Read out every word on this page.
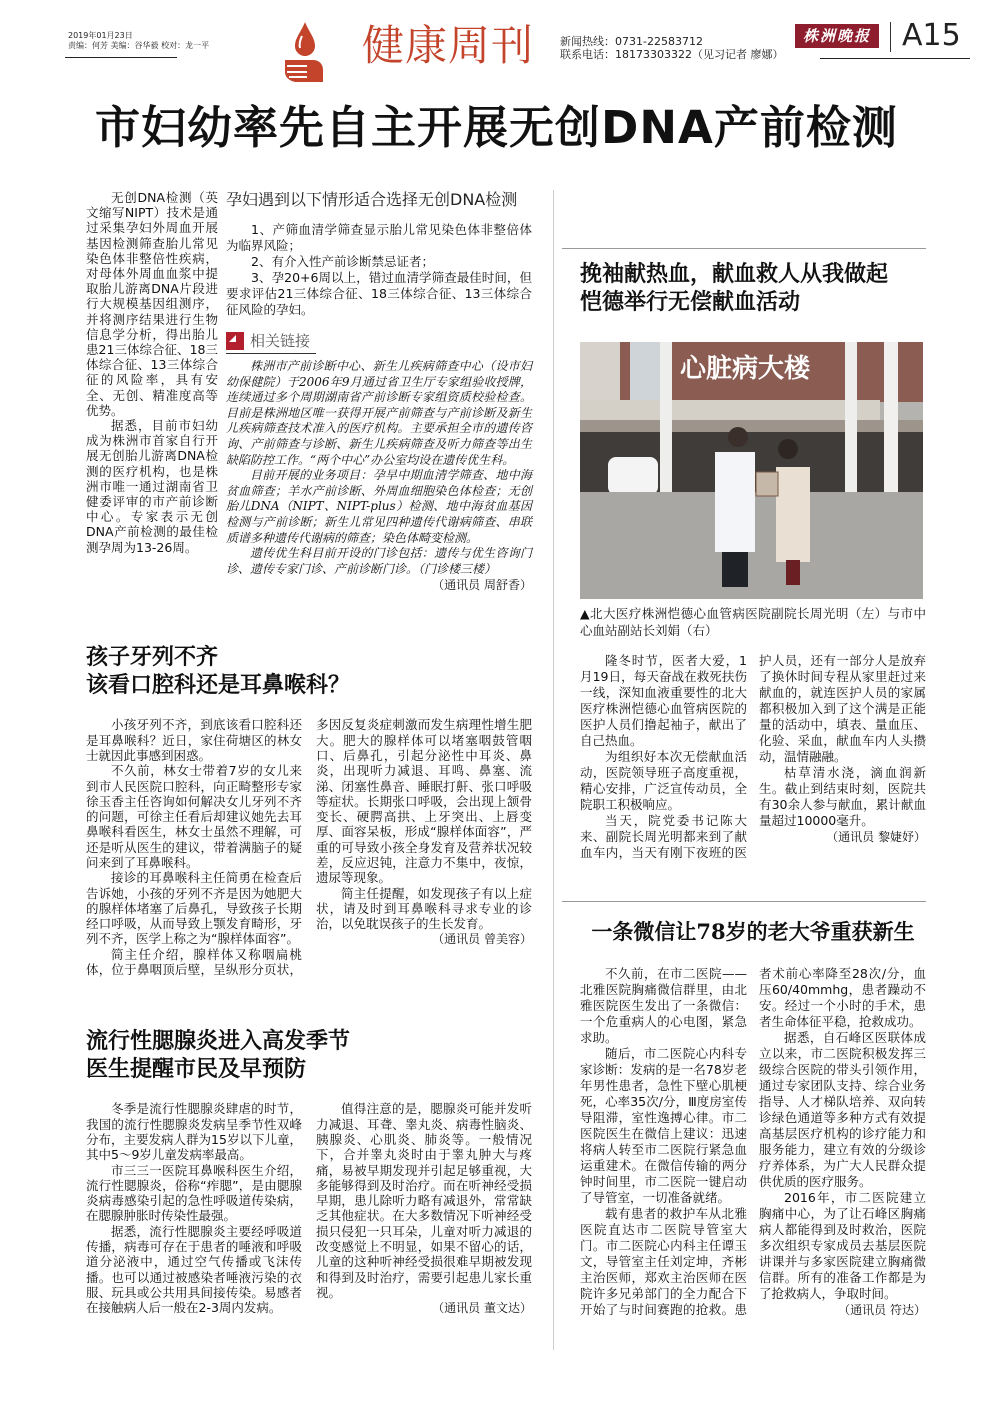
2019年01月23日
责编：何芳 美编：谷华毅 校对：龙一平	健康周刊 新闻热线：0731-22583712
联系电话：18173303322（见习记者 廖娜）
株洲晚报 A15
市妇幼率先自主开展无创DNA产前检测

无创DNA检测（英文缩写NIPT）技术是通过采集孕妇外周血开展基因检测筛查胎儿常见染色体非整倍性疾病，对母体外周血血浆中提取胎儿游离DNA片段进行大规模基因组测序，并将测序结果进行生物信息学分析，得出胎儿患21三体综合征、18三体综合征、13三体综合征的风险率，具有安全、无创、精准度高等优势。

据悉，目前市妇幼成为株洲市首家自行开展无创胎儿游离DNA检测的医疗机构，也是株洲市唯一通过湖南省卫健委评审的市产前诊断中心。专家表示无创DNA产前检测的最佳检测孕周为13-26周。

孕妇遇到以下情形适合选择无创DNA检测

1、产筛血清学筛查显示胎儿常见染色体非整倍体为临界风险；

2、有介入性产前诊断禁忌证者；

3、孕20+6周以上，错过血清学筛查最佳时间，但要求评估21三体综合征、18三体综合征、13三体综合征风险的孕妇。

相关链接

株洲市产前诊断中心、新生儿疾病筛查中心（设市妇幼保健院）于2006年9月通过省卫生厅专家组验收授牌，连续通过多个周期湖南省产前诊断专家组资质校验检查。目前是株洲地区唯一获得开展产前筛查与产前诊断及新生儿疾病筛查技术准入的医疗机构。主要承担全市的遗传咨询、产前筛查与诊断、新生儿疾病筛查及听力筛查等出生缺陷防控工作。“两个中心”办公室均设在遗传优生科。

目前开展的业务项目：孕早中期血清学筛查、地中海贫血筛查；羊水产前诊断、外周血细胞染色体检查；无创胎儿DNA（NIPT、NIPT-plus）检测、地中海贫血基因检测与产前诊断；新生儿常见四种遗传代谢病筛查、串联质谱多种遗传代谢病的筛查；染色体畸变检测。

遗传优生科目前开设的门诊包括：遗传与优生咨询门诊、遗传专家门诊、产前诊断门诊。（门诊楼三楼）

（通讯员 周舒香）
孩子牙列不齐
该看口腔科还是耳鼻喉科？

小孩牙列不齐，到底该看口腔科还是耳鼻喉科？近日，家住荷塘区的林女士就因此事感到困惑。

不久前，林女士带着7岁的女儿来到市人民医院口腔科，向正畸整形专家徐玉香主任咨询如何解决女儿牙列不齐的问题，可徐主任看后却建议她先去耳鼻喉科看医生，林女士虽然不理解，可还是听从医生的建议，带着满脑子的疑问来到了耳鼻喉科。

接诊的耳鼻喉科主任简勇在检查后告诉她，小孩的牙列不齐是因为她肥大的腺样体堵塞了后鼻孔，导致孩子长期经口呼吸，从而导致上颚发育畸形，牙列不齐，医学上称之为“腺样体面容”。

简主任介绍，腺样体又称咽扁桃体，位于鼻咽顶后壁，呈纵形分页状，多因反复炎症刺激而发生病理性增生肥大。肥大的腺样体可以堵塞咽鼓管咽口、后鼻孔，引起分泌性中耳炎、鼻炎，出现听力减退、耳鸣、鼻塞、流涕、闭塞性鼻音、睡眠打鼾、张口呼吸等症状。长期张口呼吸，会出现上颔骨变长、硬腭高拱、上牙突出、上唇变厚、面容呆板，形成“腺样体面容”，严重的可导致小孩全身发育及营养状况较差，反应迟钝，注意力不集中，夜惊，遗尿等现象。

简主任提醒，如发现孩子有以上症状，请及时到耳鼻喉科寻求专业的诊治，以免耽误孩子的生长发育。

（通讯员 曾美容）
流行性腮腺炎进入高发季节
医生提醒市民及早预防

冬季是流行性腮腺炎肆虐的时节，我国的流行性腮腺炎发病呈季节性双峰分布，主要发病人群为15岁以下儿童，其中5～9岁儿童发病率最高。

市三三一医院耳鼻喉科医生介绍，流行性腮腺炎，俗称“痄腮”，是由腮腺炎病毒感染引起的急性呼吸道传染病，在腮腺肿胀时传染性最强。

据悉，流行性腮腺炎主要经呼吸道传播，病毒可存在于患者的唾液和呼吸道分泌液中，通过空气传播或飞沫传播。也可以通过被感染者唾液污染的衣服、玩具或公共用具间接传染。易感者在接触病人后一般在2-3周内发病。

值得注意的是，腮腺炎可能并发听力减退、耳聋、睾丸炎、病毒性脑炎、胰腺炎、心肌炎、肺炎等。一般情况下，合并睾丸炎时由于睾丸肿大与疼痛，易被早期发现并引起足够重视，大多能够得到及时治疗。而在听神经受损早期，患儿除听力略有减退外，常常缺乏其他症状。在大多数情况下听神经受损只侵犯一只耳朵，儿童对听力减退的改变感觉上不明显，如果不留心的话，儿童的这种听神经受损很难早期被发现和得到及时治疗，需要引起患儿家长重视。

（通讯员 董文达）
挽袖献热血，献血救人从我做起
恺德举行无偿献血活动
心脏病大楼
▲北大医疗株洲恺德心血管病医院副院长周光明（左）与市中心血站副站长刘娟（右）

隆冬时节，医者大爱，1月19日，每天奋战在救死扶伤一线，深知血液重要性的北大医疗株洲恺德心血管病医院的医护人员们撸起袖子，献出了自己热血。

为组织好本次无偿献血活动，医院领导班子高度重视，精心安排，广泛宣传动员，全院职工积极响应。

当天，院党委书记陈大来、副院长周光明都来到了献血车内，当天有刚下夜班的医护人员，还有一部分人是放弃了换休时间专程从家里赶过来献血的，就连医护人员的家属都积极加入到了这个满是正能量的活动中，填表、量血压、化验、采血，献血车内人头攒动，温情融融。

枯草清水浇，滴血润新生。截止到结束时刻，医院共有30余人参与献血，累计献血量超过10000毫升。

（通讯员 黎婕妤）
一条微信让78岁的老大爷重获新生

不久前，在市二医院——北雅医院胸痛微信群里，由北雅医院医生发出了一条微信：一个危重病人的心电图，紧急求助。

随后，市二医院心内科专家诊断：发病的是一名78岁老年男性患者，急性下壁心肌梗死，心率35次/分，Ⅲ度房室传导阻滞，室性逸搏心律。市二医院医生在微信上建议：迅速将病人转至市二医院行紧急血运重建术。在微信传输的两分钟时间里，市二医院一键启动了导管室，一切准备就绪。

载有患者的救护车从北雅医院直达市二医院导管室大门。市二医院心内科主任谭玉文，导管室主任刘定坤，齐彬主治医师，郑欢主治医师在医院许多兄弟部门的全力配合下开始了与时间赛跑的抢救。患者术前心率降至28次/分，血压60/40mmhg，患者躁动不安。经过一个小时的手术，患者生命体征平稳，抢救成功。

据悉，自石峰区医联体成立以来，市二医院积极发挥三级综合医院的带头引领作用，通过专家团队支持、综合业务指导、人才梯队培养、双向转诊绿色通道等多种方式有效提高基层医疗机构的诊疗能力和服务能力，建立有效的分级诊疗养体系，为广大人民群众提供优质的医疗服务。

2016年，市二医院建立胸痛中心，为了让石峰区胸痛病人都能得到及时救治，医院多次组织专家成员去基层医院讲课并与多家医院建立胸痛微信群。所有的准备工作都是为了抢救病人，争取时间。

（通讯员 符达）
